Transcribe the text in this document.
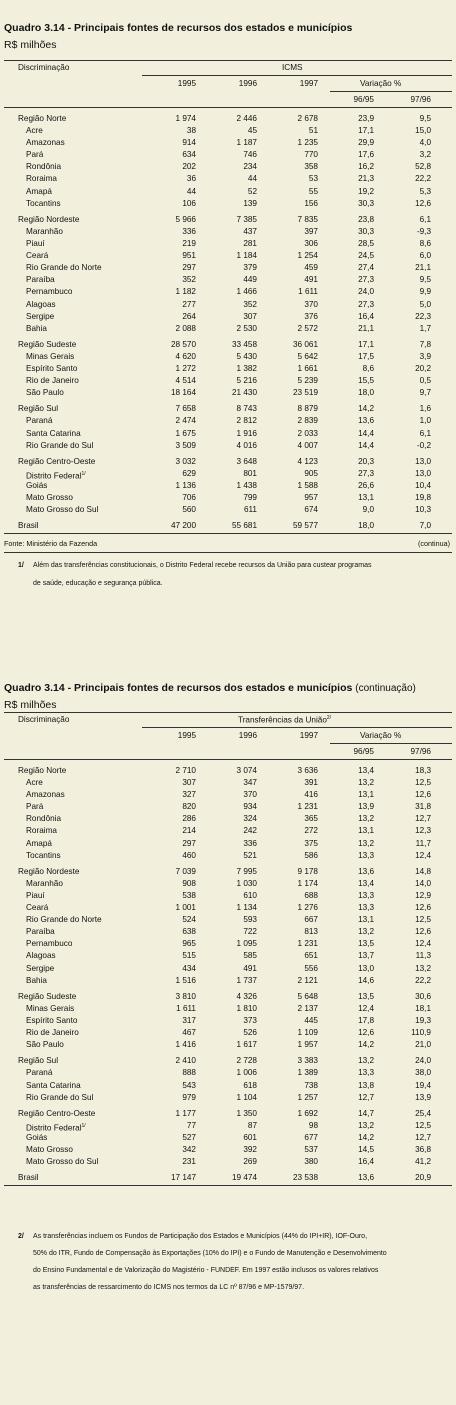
Quadro 3.14 - Principais fontes de recursos dos estados e municípios
R$ milhões
Discriminação	ICMS
1995	1996	1997	Variação %
96/95	97/96
Região Norte	1 974	2 446	2 678	23,9	9,5
Acre	38	45	51	17,1	15,0
Amazonas	914	1 187	1 235	29,9	4,0
Pará	634	746	770	17,6	3,2
Rondônia	202	234	358	16,2	52,8
Roraima	36	44	53	21,3	22,2
Amapá	44	52	55	19,2	5,3
Tocantins	106	139	156	30,3	12,6
Região Nordeste	5 966	7 385	7 835	23,8	6,1
Maranhão	336	437	397	30,3	-9,3
Piauí	219	281	306	28,5	8,6
Ceará	951	1 184	1 254	24,5	6,0
Rio Grande do Norte	297	379	459	27,4	21,1
Paraíba	352	449	491	27,3	9,5
Pernambuco	1 182	1 466	1 611	24,0	9,9
Alagoas	277	352	370	27,3	5,0
Sergipe	264	307	376	16,4	22,3
Bahia	2 088	2 530	2 572	21,1	1,7
Região Sudeste	28 570	33 458	36 061	17,1	7,8
Minas Gerais	4 620	5 430	5 642	17,5	3,9
Espírito Santo	1 272	1 382	1 661	8,6	20,2
Rio de Janeiro	4 514	5 216	5 239	15,5	0,5
São Paulo	18 164	21 430	23 519	18,0	9,7
Região Sul	7 658	8 743	8 879	14,2	1,6
Paraná	2 474	2 812	2 839	13,6	1,0
Santa Catarina	1 675	1 916	2 033	14,4	6,1
Rio Grande do Sul	3 509	4 016	4 007	14,4	-0,2
Região Centro-Oeste	3 032	3 648	4 123	20,3	13,0
Distrito Federal$^{1/}$	629	801	905	27,3	13,0
Goiás	1 136	1 438	1 588	26,6	10,4
Mato Grosso	706	799	957	13,1	19,8
Mato Grosso do Sul	560	611	674	9,0	10,3
Brasil	47 200	55 681	59 577	18,0	7,0
Fonte: Ministério da Fazenda	(continua)
1/ Além das transferências constitucionais, o Distrito Federal recebe recursos da União para custear programas
de saúde, educação e segurança pública.
Quadro 3.14 - Principais fontes de recursos dos estados e municípios (continuação)
R$ milhões
Discriminação	Transferências da União$^{2/}$
1995	1996	1997	Variação %
96/95	97/96
Região Norte	2 710	3 074	3 636	13,4	18,3
Acre	307	347	391	13,2	12,5
Amazonas	327	370	416	13,1	12,6
Pará	820	934	1 231	13,9	31,8
Rondônia	286	324	365	13,2	12,7
Roraima	214	242	272	13,1	12,3
Amapá	297	336	375	13,2	11,7
Tocantins	460	521	586	13,3	12,4
Região Nordeste	7 039	7 995	9 178	13,6	14,8
Maranhão	908	1 030	1 174	13,4	14,0
Piauí	538	610	688	13,3	12,9
Ceará	1 001	1 134	1 276	13,3	12,6
Rio Grande do Norte	524	593	667	13,1	12,5
Paraíba	638	722	813	13,2	12,6
Pernambuco	965	1 095	1 231	13,5	12,4
Alagoas	515	585	651	13,7	11,3
Sergipe	434	491	556	13,0	13,2
Bahia	1 516	1 737	2 121	14,6	22,2
Região Sudeste	3 810	4 326	5 648	13,5	30,6
Minas Gerais	1 611	1 810	2 137	12,4	18,1
Espírito Santo	317	373	445	17,8	19,3
Rio de Janeiro	467	526	1 109	12,6	110,9
São Paulo	1 416	1 617	1 957	14,2	21,0
Região Sul	2 410	2 728	3 383	13,2	24,0
Paraná	888	1 006	1 389	13,3	38,0
Santa Catarina	543	618	738	13,8	19,4
Rio Grande do Sul	979	1 104	1 257	12,7	13,9
Região Centro-Oeste	1 177	1 350	1 692	14,7	25,4
Distrito Federal$^{1/}$	77	87	98	13,2	12,5
Goiás	527	601	677	14,2	12,7
Mato Grosso	342	392	537	14,5	36,8
Mato Grosso do Sul	231	269	380	16,4	41,2
Brasil	17 147	19 474	23 538	13,6	20,9
2/ As transferências incluem os Fundos de Participação dos Estados e Municípios (44% do IPI+IR), IOF-Ouro,
50% do ITR, Fundo de Compensação às Exportações (10% do IPI) e o Fundo de Manutenção e Desenvolvimento
do Ensino Fundamental e de Valorização do Magistério - FUNDEF. Em 1997 estão inclusos os valores relativos
as transferências de ressarcimento do ICMS nos termos da LC nº 87/96 e MP-1579/97.
